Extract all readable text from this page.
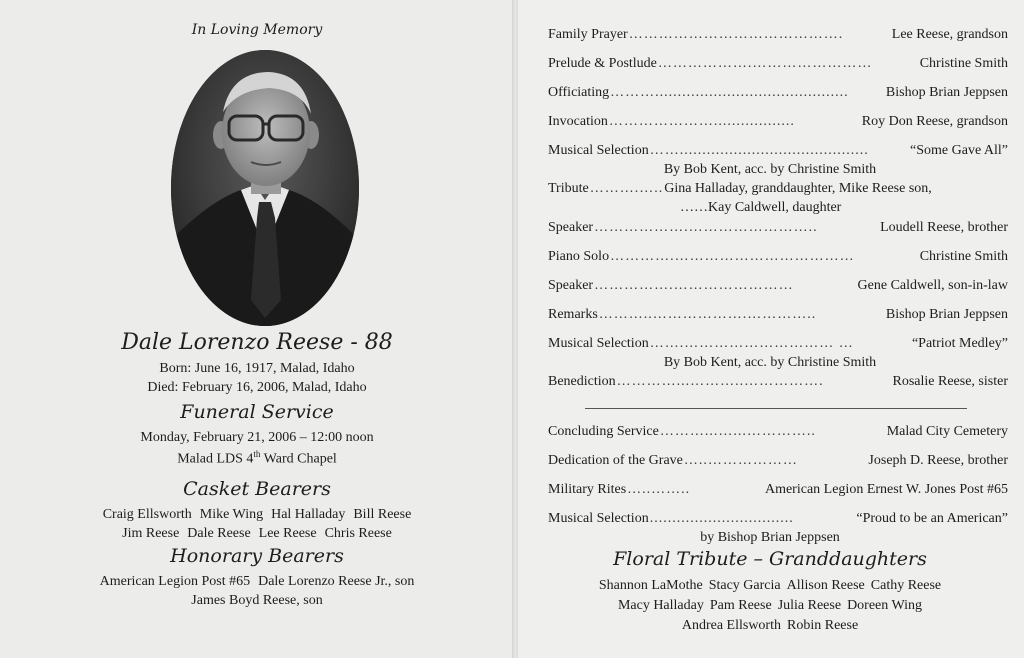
In Loving Memory
Dale Lorenzo Reese - 88
Born: June 16, 1917, Malad, Idaho
Died: February 16, 2006, Malad, Idaho
Funeral Service
Monday, February 21, 2006 – 12:00 noon
Malad LDS 4th Ward Chapel
Casket Bearers
Craig Ellsworth Mike Wing Hal Halladay Bill Reese
Jim Reese Dale Reese Lee Reese Chris Reese
Honorary Bearers
American Legion Post #65 Dale Lorenzo Reese Jr., son
James Boyd Reese, son
Family Prayer …………………………………….	Lee Reese, grandson
Prelude & Postlude ……………….……………………	Christine Smith
Officiating ………...........................................	Bishop Brian Jeppsen
Invocation …………………..................	Roy Don Reese, grandson
Musical Selection ……..........................................	“Some Gave All”
By Bob Kent, acc. by Christine Smith
Tribute ……….….. Gina Halladay, granddaughter, Mike Reese son,
……Kay Caldwell, daughter
Speaker ……………….……………………..	Loudell Reese, brother
Piano Solo ………….………………………………	Christine Smith
Speaker …………….……………………	Gene Caldwell, son-in-law
Remarks ………..……………….…………..	Bishop Brian Jeppsen
Musical Selection …….………………………… …	“Patriot Medley”
By Bob Kent, acc. by Christine Smith
Benediction …………...………..…………….	Rosalie Reese, sister
Concluding Service ………...…...…………..	Malad City Cemetery
Dedication of the Grave …..………………	Joseph D. Reese, brother
Military Rites …..……..	American Legion Ernest W. Jones Post #65
Musical Selection ................................	“Proud to be an American”
by Bishop Brian Jeppsen
Floral Tribute – Granddaughters
Shannon LaMothe Stacy Garcia Allison Reese Cathy Reese
Macy Halladay Pam Reese Julia Reese Doreen Wing
Andrea Ellsworth Robin Reese
